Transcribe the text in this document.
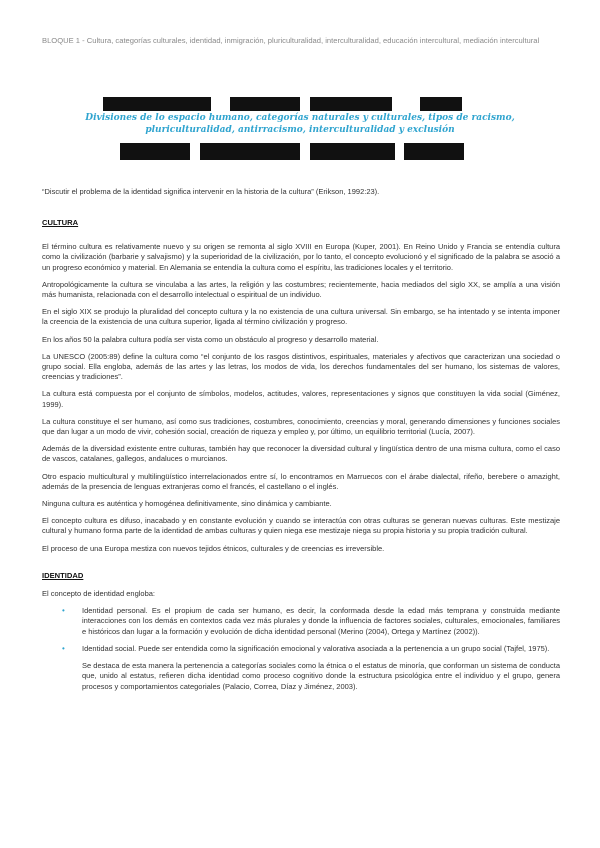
BLOQUE 1 - Cultura, categorías culturales, identidad, inmigración, pluriculturalidad, interculturalidad, educación intercultural, mediación intercultural
Divisiones de lo espacio humano, categorías naturales y culturales, tipos de racismo, pluriculturalidad, antirracismo, interculturalidad y exclusión
“Discutir el problema de la identidad significa intervenir en la historia de la cultura” (Erikson, 1992:23).
CULTURA

El término cultura es relativamente nuevo y su origen se remonta al siglo XVIII en Europa (Kuper, 2001). En Reino Unido y Francia se entendía cultura como la civilización (barbarie y salvajismo) y la superioridad de la civilización, por lo tanto, el concepto evolucionó y el significado de la palabra se asoció a un progreso económico y material. En Alemania se entendía la cultura como el espíritu, las tradiciones locales y el territorio.

Antropológicamente la cultura se vinculaba a las artes, la religión y las costumbres; recientemente, hacia mediados del siglo XX, se amplía a una visión más humanista, relacionada con el desarrollo intelectual o espiritual de un individuo.

En el siglo XIX se produjo la pluralidad del concepto cultura y la no existencia de una cultura universal. Sin embargo, se ha intentado y se intenta imponer la creencia de la existencia de una cultura superior, ligada al término civilización y progreso.

En los años 50 la palabra cultura podía ser vista como un obstáculo al progreso y desarrollo material.

La UNESCO (2005:89) define la cultura como “el conjunto de los rasgos distintivos, espirituales, materiales y afectivos que caracterizan una sociedad o grupo social. Ella engloba, además de las artes y las letras, los modos de vida, los derechos fundamentales del ser humano, los sistemas de valores, creencias y tradiciones”.

La cultura está compuesta por el conjunto de símbolos, modelos, actitudes, valores, representaciones y signos que constituyen la vida social (Giménez, 1999).

La cultura constituye el ser humano, así como sus tradiciones, costumbres, conocimiento, creencias y moral, generando dimensiones y funciones sociales que dan lugar a un modo de vivir, cohesión social, creación de riqueza y empleo y, por último, un equilibrio territorial (Lucía, 2007).

Además de la diversidad existente entre culturas, también hay que reconocer la diversidad cultural y lingüística dentro de una misma cultura, como el caso de vascos, catalanes, gallegos, andaluces o murcianos.

Otro espacio multicultural y multilingüístico interrelacionados entre sí, lo encontramos en Marruecos con el árabe dialectal, rifeño, berebere o amazight, además de la presencia de lenguas extranjeras como el francés, el castellano o el inglés.

Ninguna cultura es auténtica y homogénea definitivamente, sino dinámica y cambiante.

El concepto cultura es difuso, inacabado y en constante evolución y cuando se interactúa con otras culturas se generan nuevas culturas. Este mestizaje cultural y humano forma parte de la identidad de ambas culturas y quien niega ese mestizaje niega su propia historia y su propia tradición cultural.

El proceso de una Europa mestiza con nuevos tejidos étnicos, culturales y de creencias es irreversible.

IDENTIDAD

El concepto de identidad engloba:

• Identidad personal. Es el propium de cada ser humano, es decir, la conformada desde la edad más temprana y construida mediante interacciones con los demás en contextos cada vez más plurales y donde la influencia de factores sociales, culturales, emocionales, familiares e históricos dan lugar a la formación y evolución de dicha identidad personal (Merino (2004), Ortega y Martínez (2002)).
• Identidad social. Puede ser entendida como la significación emocional y valorativa asociada a la pertenencia a un grupo social (Tajfel, 1975).

Se destaca de esta manera la pertenencia a categorías sociales como la étnica o el estatus de minoría, que conforman un sistema de conducta que, unido al estatus, refieren dicha identidad como proceso cognitivo donde la estructura psicológica entre el individuo y el grupo, genera procesos y comportamientos categoriales (Palacio, Correa, Díaz y Jiménez, 2003).
